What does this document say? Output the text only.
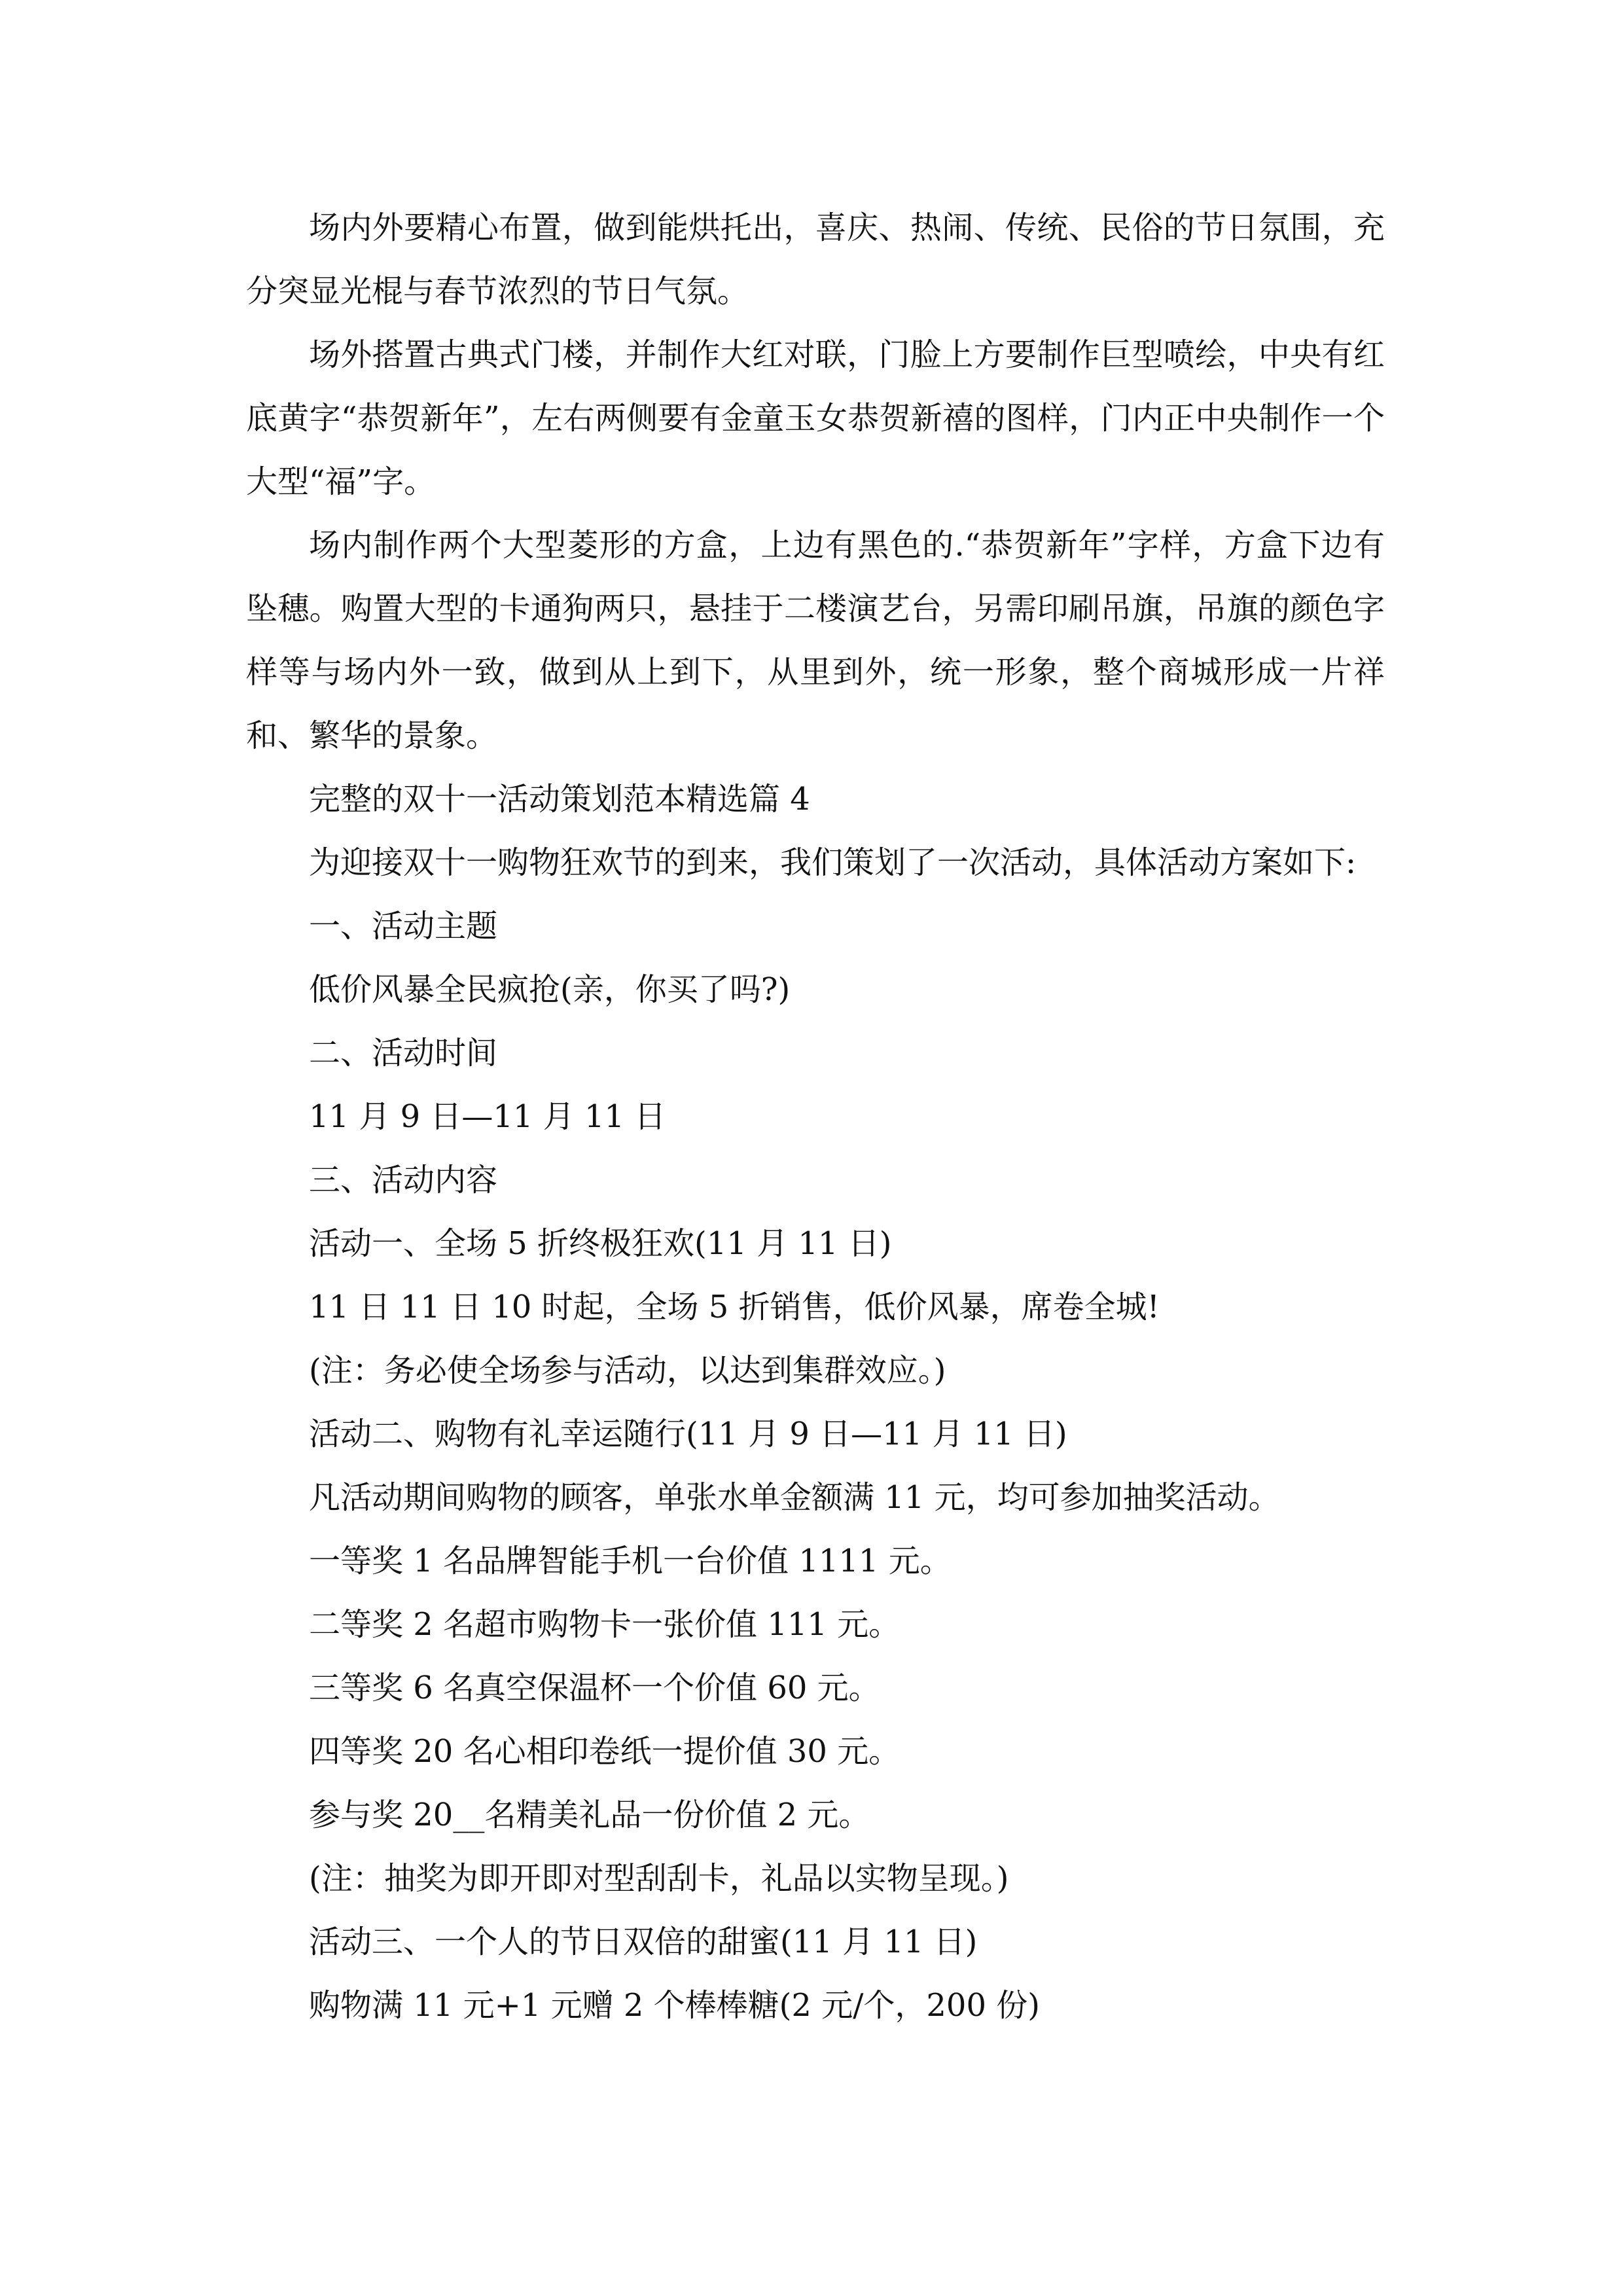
场内外要精心布置，做到能烘托出，喜庆、热闹、传统、民俗的节日氛围，充分突显光棍与春节浓烈的节日气氛。

场外搭置古典式门楼，并制作大红对联，门脸上方要制作巨型喷绘，中央有红底黄字“恭贺新年”，左右两侧要有金童玉女恭贺新禧的图样，门内正中央制作一个大型“福”字。

场内制作两个大型菱形的方盒，上边有黑色的.“恭贺新年”字样，方盒下边有坠穗。购置大型的卡通狗两只，悬挂于二楼演艺台，另需印刷吊旗，吊旗的颜色字样等与场内外一致，做到从上到下，从里到外，统一形象，整个商城形成一片祥和、繁华的景象。

完整的双十一活动策划范本精选篇 4

为迎接双十一购物狂欢节的到来，我们策划了一次活动，具体活动方案如下:

一、活动主题

低价风暴全民疯抢(亲，你买了吗?)

二、活动时间

11 月 9 日—11 月 11 日

三、活动内容

活动一、全场 5 折终极狂欢(11 月 11 日)

11 日 11 日 10 时起，全场 5 折销售，低价风暴，席卷全城!

(注：务必使全场参与活动，以达到集群效应。)

活动二、购物有礼幸运随行(11 月 9 日—11 月 11 日)

凡活动期间购物的顾客，单张水单金额满 11 元，均可参加抽奖活动。

一等奖 1 名品牌智能手机一台价值 1111 元。

二等奖 2 名超市购物卡一张价值 111 元。

三等奖 6 名真空保温杯一个价值 60 元。

四等奖 20 名心相印卷纸一提价值 30 元。

参与奖 20__名精美礼品一份价值 2 元。

(注：抽奖为即开即对型刮刮卡，礼品以实物呈现。)

活动三、一个人的节日双倍的甜蜜(11 月 11 日)

购物满 11 元+1 元赠 2 个棒棒糖(2 元/个，200 份)
